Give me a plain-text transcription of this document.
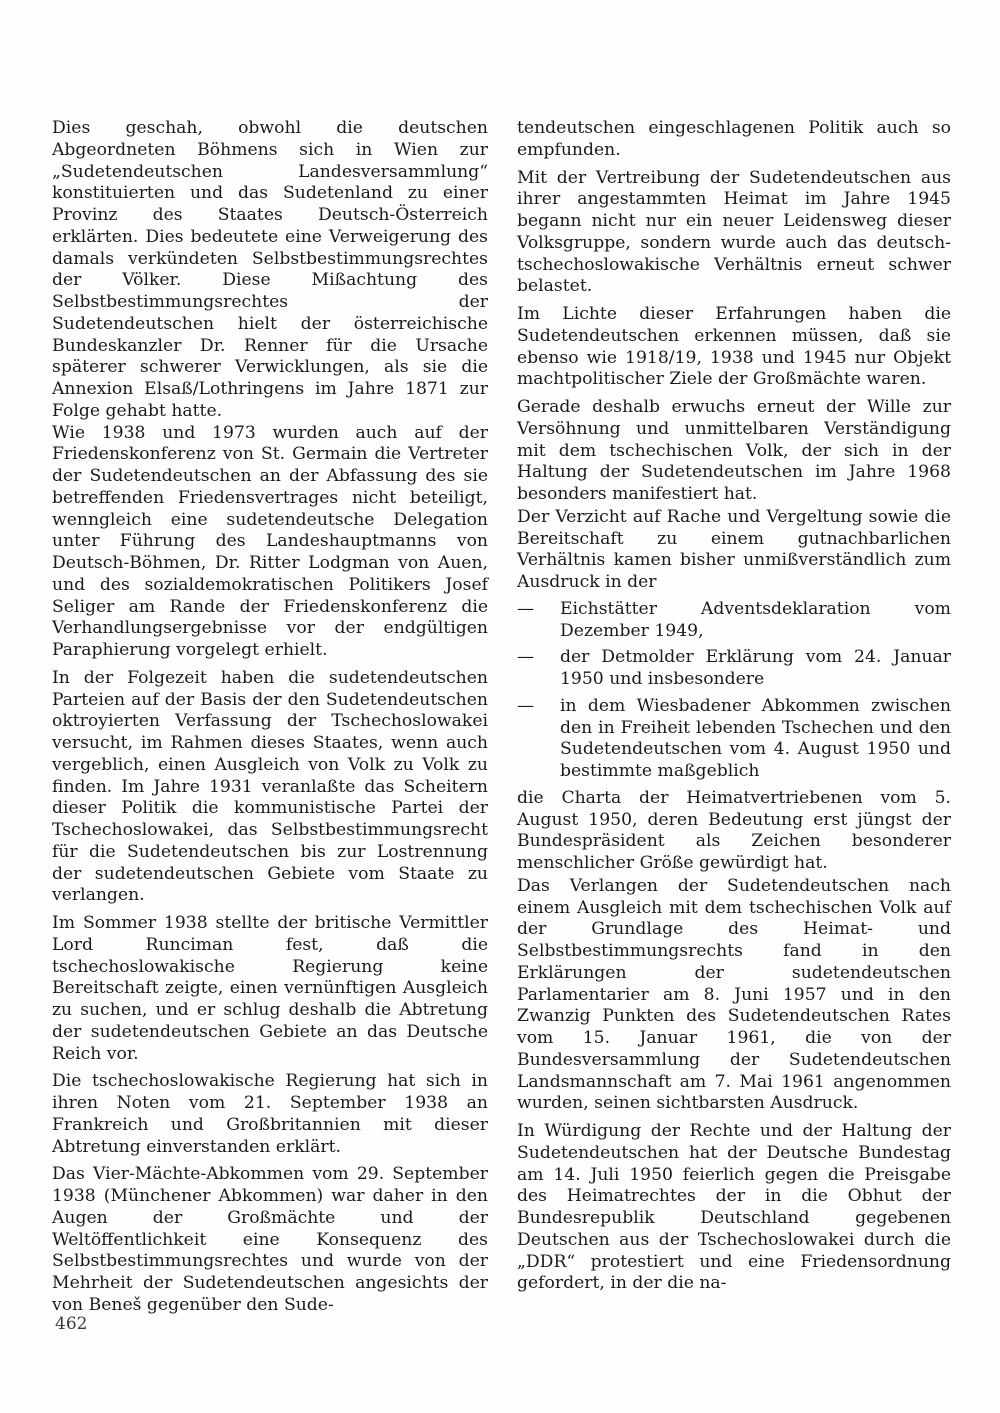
Dies geschah, obwohl die deutschen Abgeordneten Böhmens sich in Wien zur „Sudetendeutschen Landesversammlung“ konstituierten und das Sudetenland zu einer Provinz des Staates Deutsch-Österreich erklärten. Dies bedeutete eine Verweigerung des damals verkündeten Selbstbestimmungsrechtes der Völker. Diese Mißachtung des Selbstbestimmungsrechtes der Sudetendeutschen hielt der österreichische Bundeskanzler Dr. Renner für die Ursache späterer schwerer Verwicklungen, als sie die Annexion Elsaß/Lothringens im Jahre 1871 zur Folge gehabt hatte.

Wie 1938 und 1973 wurden auch auf der Friedenskonferenz von St. Germain die Vertreter der Sudetendeutschen an der Abfassung des sie betreffenden Friedensvertrages nicht beteiligt, wenngleich eine sudetendeutsche Delegation unter Führung des Landeshauptmanns von Deutsch-Böhmen, Dr. Ritter Lodgman von Auen, und des sozialdemokratischen Politikers Josef Seliger am Rande der Friedenskonferenz die Verhandlungsergebnisse vor der endgültigen Paraphierung vorgelegt erhielt.

In der Folgezeit haben die sudetendeutschen Parteien auf der Basis der den Sudetendeutschen oktroyierten Verfassung der Tschechoslowakei versucht, im Rahmen dieses Staates, wenn auch vergeblich, einen Ausgleich von Volk zu Volk zu finden. Im Jahre 1931 veranlaßte das Scheitern dieser Politik die kommunistische Partei der Tschechoslowakei, das Selbstbestimmungsrecht für die Sudetendeutschen bis zur Lostrennung der sudetendeutschen Gebiete vom Staate zu verlangen.

Im Sommer 1938 stellte der britische Vermittler Lord Runciman fest, daß die tschechoslowakische Regierung keine Bereitschaft zeigte, einen vernünftigen Ausgleich zu suchen, und er schlug deshalb die Abtretung der sudetendeutschen Gebiete an das Deutsche Reich vor.

Die tschechoslowakische Regierung hat sich in ihren Noten vom 21. September 1938 an Frankreich und Großbritannien mit dieser Abtretung einverstanden erklärt.

Das Vier-Mächte-Abkommen vom 29. September 1938 (Münchener Abkommen) war daher in den Augen der Großmächte und der Weltöffentlichkeit eine Konsequenz des Selbstbestimmungsrechtes und wurde von der Mehrheit der Sudetendeutschen angesichts der von Beneš gegenüber den Sude-

tendeutschen eingeschlagenen Politik auch so empfunden.

Mit der Vertreibung der Sudetendeutschen aus ihrer angestammten Heimat im Jahre 1945 begann nicht nur ein neuer Leidensweg dieser Volksgruppe, sondern wurde auch das deutsch-tschechoslowakische Verhältnis erneut schwer belastet.

Im Lichte dieser Erfahrungen haben die Sudetendeutschen erkennen müssen, daß sie ebenso wie 1918/19, 1938 und 1945 nur Objekt machtpolitischer Ziele der Großmächte waren.

Gerade deshalb erwuchs erneut der Wille zur Versöhnung und unmittelbaren Verständigung mit dem tschechischen Volk, der sich in der Haltung der Sudetendeutschen im Jahre 1968 besonders manifestiert hat.

Der Verzicht auf Rache und Vergeltung sowie die Bereitschaft zu einem gutnachbarlichen Verhältnis kamen bisher unmißverständlich zum Ausdruck in der

— Eichstätter Adventsdeklaration vom Dezember 1949,
— der Detmolder Erklärung vom 24. Januar 1950 und insbesondere
— in dem Wiesbadener Abkommen zwischen den in Freiheit lebenden Tschechen und den Sudetendeutschen vom 4. August 1950 und bestimmte maßgeblich

die Charta der Heimatvertriebenen vom 5. August 1950, deren Bedeutung erst jüngst der Bundespräsident als Zeichen besonderer menschlicher Größe gewürdigt hat.

Das Verlangen der Sudetendeutschen nach einem Ausgleich mit dem tschechischen Volk auf der Grundlage des Heimat- und Selbstbestimmungsrechts fand in den Erklärungen der sudetendeutschen Parlamentarier am 8. Juni 1957 und in den Zwanzig Punkten des Sudetendeutschen Rates vom 15. Januar 1961, die von der Bundesversammlung der Sudetendeutschen Landsmannschaft am 7. Mai 1961 angenommen wurden, seinen sichtbarsten Ausdruck.

In Würdigung der Rechte und der Haltung der Sudetendeutschen hat der Deutsche Bundestag am 14. Juli 1950 feierlich gegen die Preisgabe des Heimatrechtes der in die Obhut der Bundesrepublik Deutschland gegebenen Deutschen aus der Tschechoslowakei durch die „DDR“ protestiert und eine Friedensordnung gefordert, in der die na-

462
